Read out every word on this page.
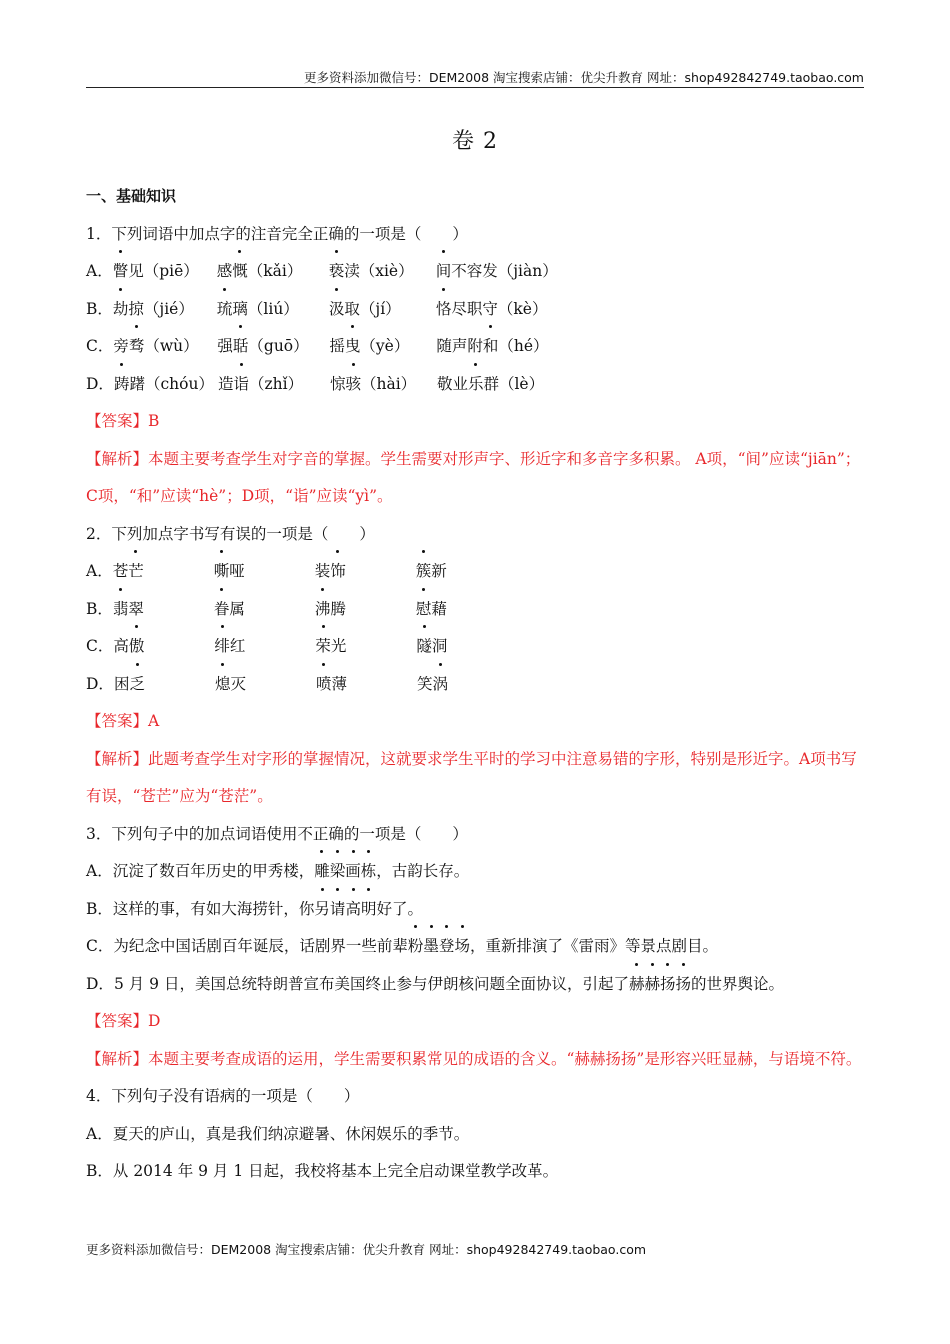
更多资料添加微信号：DEM2008 淘宝搜索店铺：优尖升教育 网址：shop492842749.taobao.com
卷 2
一、基础知识
1．下列词语中加点字的注音完全正确的一项是（　　）
A．瞥见（piē） 感慨（kǎi） 亵渎（xiè） 间不容发（jiàn）
B．劫掠（jié） 琉璃（liú） 汲取（jí） 恪尽职守（kè）
C．旁骛（wù） 强聒（guō） 摇曳（yè） 随声附和（hé）
D．踌躇（chóu） 造诣（zhǐ） 惊骇（hài） 敬业乐群（lè）
【答案】B
【解析】本题主要考查学生对字音的掌握。学生需要对形声字、形近字和多音字多积累。 A项，“间”应读“jiān”；C项，“和”应读“hè”；D项，“诣”应读“yì”。
2．下列加点字书写有误的一项是（　　）
A．苍芒	嘶哑	装饰	簇新
B．翡翠	眷属	沸腾	慰藉
C．高傲	绯红	荣光	隧洞
D．困乏	熄灭	喷薄	笑涡
【答案】A
【解析】此题考查学生对字形的掌握情况，这就要求学生平时的学习中注意易错的字形，特别是形近字。A项书写有误，“苍芒”应为“苍茫”。
3．下列句子中的加点词语使用不正确的一项是（　　）
A．沉淀了数百年历史的甲秀楼，雕梁画栋，古韵长存。
B．这样的事，有如大海捞针，你另请高明好了。
C．为纪念中国话剧百年诞辰，话剧界一些前辈粉墨登场，重新排演了《雷雨》等景点剧目。
D．5 月 9 日，美国总统特朗普宣布美国终止参与伊朗核问题全面协议，引起了赫赫扬扬的世界舆论。
【答案】D
【解析】本题主要考查成语的运用，学生需要积累常见的成语的含义。“赫赫扬扬”是形容兴旺显赫，与语境不符。
4．下列句子没有语病的一项是（　　）
A．夏天的庐山，真是我们纳凉避暑、休闲娱乐的季节。
B．从 2014 年 9 月 1 日起，我校将基本上完全启动课堂教学改革。
更多资料添加微信号：DEM2008 淘宝搜索店铺：优尖升教育 网址：shop492842749.taobao.com
